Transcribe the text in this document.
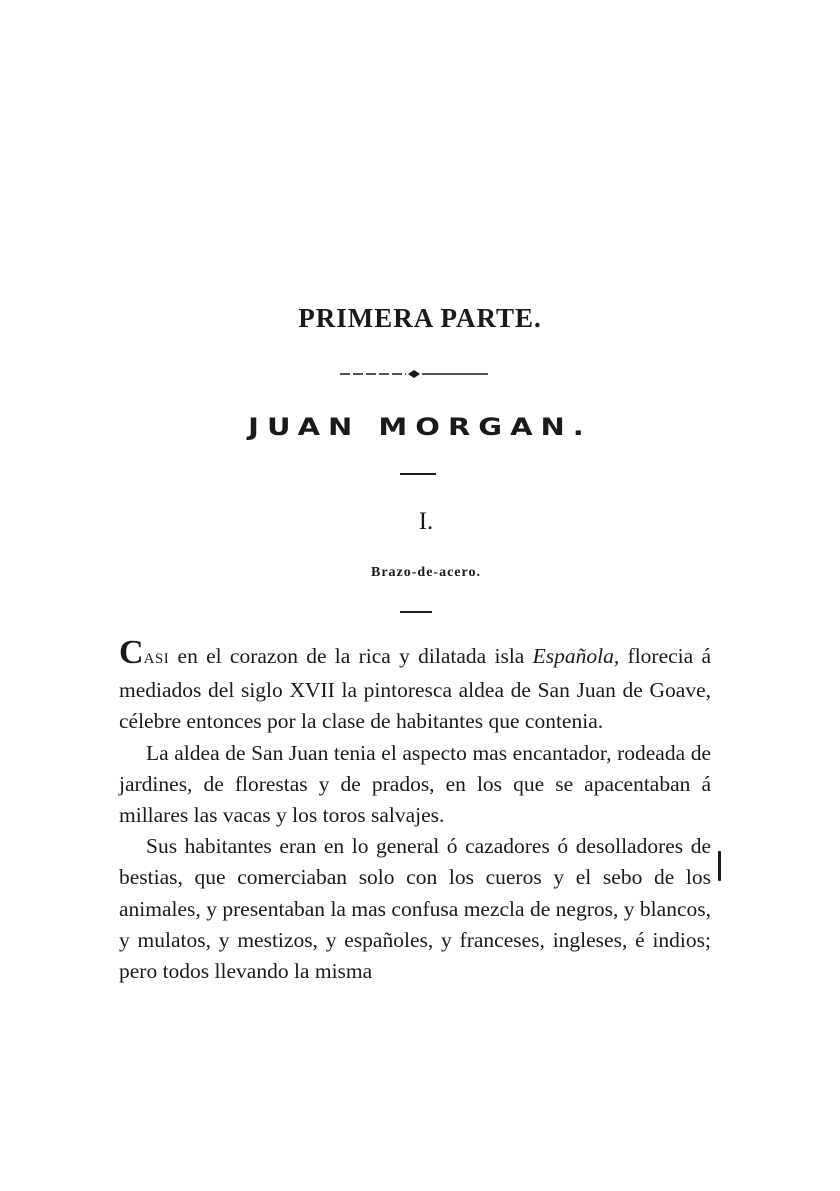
PRIMERA PARTE.
JUAN MORGAN.
I.
Brazo-de-acero.

CASI en el corazon de la rica y dilatada isla Española, florecia á mediados del siglo XVII la pintoresca aldea de San Juan de Goave, célebre entonces por la clase de habitantes que contenia.

La aldea de San Juan tenia el aspecto mas encantador, rodeada de jardines, de florestas y de prados, en los que se apacentaban á millares las vacas y los toros salvajes.

Sus habitantes eran en lo general ó cazadores ó desolladores de bestias, que comerciaban solo con los cueros y el sebo de los animales, y presentaban la mas confusa mezcla de negros, y blancos, y mulatos, y mestizos, y españoles, y franceses, ingleses, é indios; pero todos llevando la misma
